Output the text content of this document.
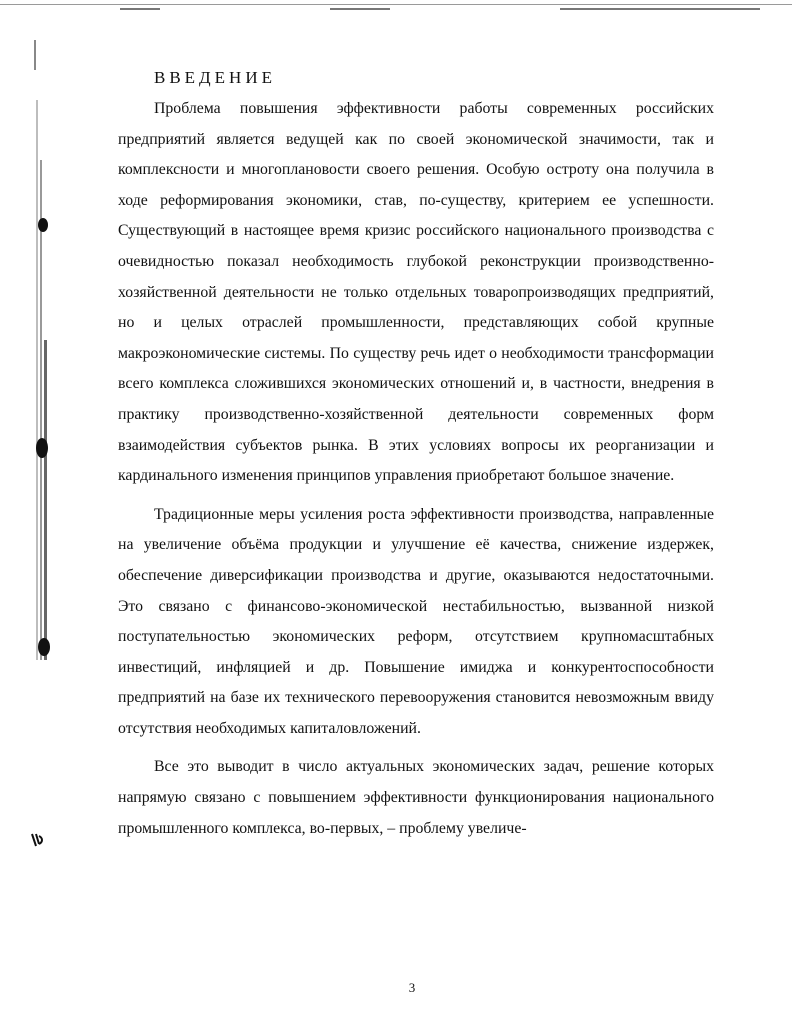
ВВЕДЕНИЕ

Проблема повышения эффективности работы современных российских предприятий является ведущей как по своей экономической значимости, так и комплексности и многоплановости своего решения. Особую остроту она получила в ходе реформирования экономики, став, по-существу, критерием ее успешности. Существующий в настоящее время кризис российского национального производства с очевидностью показал необходимость глубокой реконструкции производственно-хозяйственной деятельности не только отдельных товаропроизводящих предприятий, но и целых отраслей промышленности, представляющих собой крупные макроэкономические системы. По существу речь идет о необходимости трансформации всего комплекса сложившихся экономических отношений и, в частности, внедрения в практику производственно-хозяйственной деятельности современных форм взаимодействия субъектов рынка. В этих условиях вопросы их реорганизации и кардинального изменения принципов управления приобретают большое значение.

Традиционные меры усиления роста эффективности производства, направленные на увеличение объёма продукции и улучшение её качества, снижение издержек, обеспечение диверсификации производства и другие, оказываются недостаточными. Это связано с финансово-экономической нестабильностью, вызванной низкой поступательностью экономических реформ, отсутствием крупномасштабных инвестиций, инфляцией и др. Повышение имиджа и конкурентоспособности предприятий на базе их технического перевооружения становится невозможным ввиду отсутствия необходимых капиталовложений.

Все это выводит в число актуальных экономических задач, решение которых напрямую связано с повышением эффективности функционирования национального промышленного комплекса, во-первых, – проблему увеличе-

3
